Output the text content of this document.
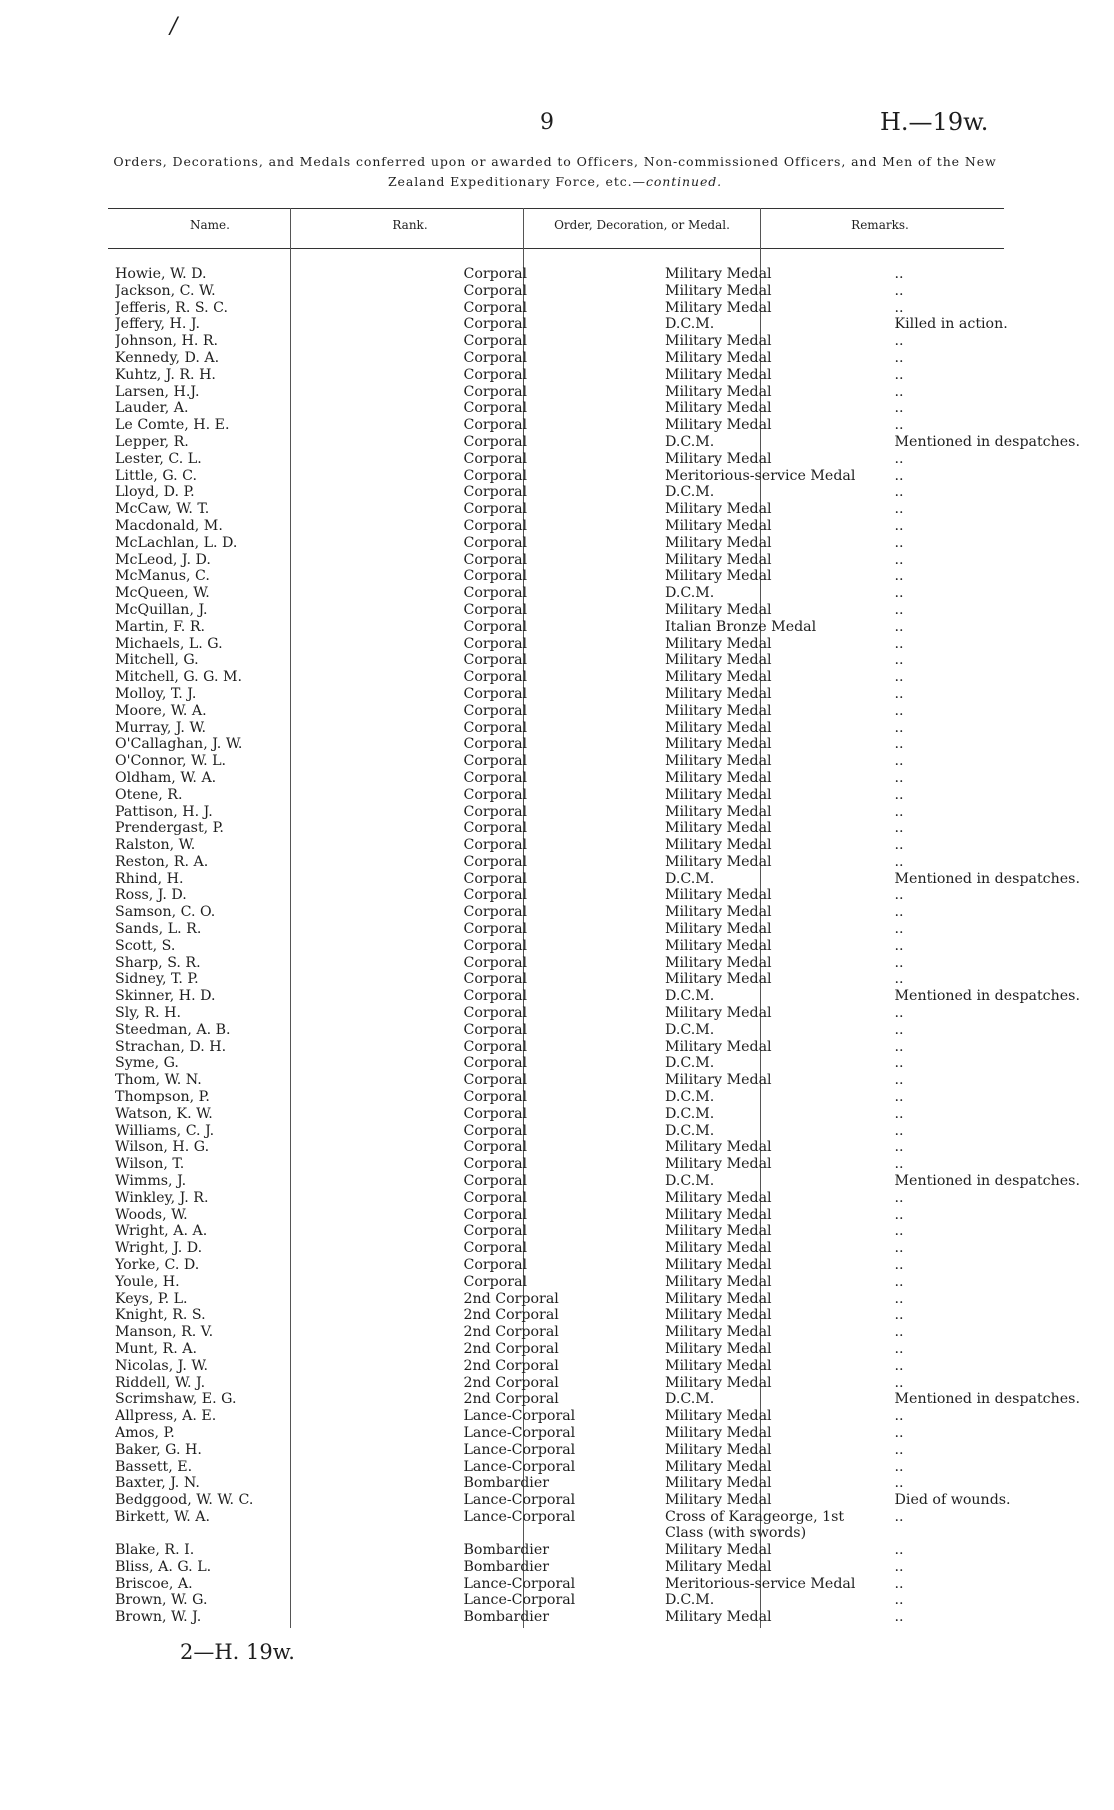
/
9	H.—19w.
Orders, Decorations, and Medals conferred upon or awarded to Officers, Non-commissioned Officers, and Men of the New Zealand Expeditionary Force, etc.—continued.
Name.	Rank.	Order, Decoration, or Medal.	Remarks.
Howie, W. D.	Corporal	Military Medal	..
Jackson, C. W.	Corporal	Military Medal	..
Jefferis, R. S. C.	Corporal	Military Medal	..
Jeffery, H. J.	Corporal	D.C.M.	Killed in action.
Johnson, H. R.	Corporal	Military Medal	..
Kennedy, D. A.	Corporal	Military Medal	..
Kuhtz, J. R. H.	Corporal	Military Medal	..
Larsen, H.J.	Corporal	Military Medal	..
Lauder, A.	Corporal	Military Medal	..
Le Comte, H. E.	Corporal	Military Medal	..
Lepper, R.	Corporal	D.C.M.	Mentioned in despatches.
Lester, C. L.	Corporal	Military Medal	..
Little, G. C.	Corporal	Meritorious-service Medal	..
Lloyd, D. P.	Corporal	D.C.M.	..
McCaw, W. T.	Corporal	Military Medal	..
Macdonald, M.	Corporal	Military Medal	..
McLachlan, L. D.	Corporal	Military Medal	..
McLeod, J. D.	Corporal	Military Medal	..
McManus, C.	Corporal	Military Medal	..
McQueen, W.	Corporal	D.C.M.	..
McQuillan, J.	Corporal	Military Medal	..
Martin, F. R.	Corporal	Italian Bronze Medal	..
Michaels, L. G.	Corporal	Military Medal	..
Mitchell, G.	Corporal	Military Medal	..
Mitchell, G. G. M.	Corporal	Military Medal	..
Molloy, T. J.	Corporal	Military Medal	..
Moore, W. A.	Corporal	Military Medal	..
Murray, J. W.	Corporal	Military Medal	..
O'Callaghan, J. W.	Corporal	Military Medal	..
O'Connor, W. L.	Corporal	Military Medal	..
Oldham, W. A.	Corporal	Military Medal	..
Otene, R.	Corporal	Military Medal	..
Pattison, H. J.	Corporal	Military Medal	..
Prendergast, P.	Corporal	Military Medal	..
Ralston, W.	Corporal	Military Medal	..
Reston, R. A.	Corporal	Military Medal	..
Rhind, H.	Corporal	D.C.M.	Mentioned in despatches.
Ross, J. D.	Corporal	Military Medal	..
Samson, C. O.	Corporal	Military Medal	..
Sands, L. R.	Corporal	Military Medal	..
Scott, S.	Corporal	Military Medal	..
Sharp, S. R.	Corporal	Military Medal	..
Sidney, T. P.	Corporal	Military Medal	..
Skinner, H. D.	Corporal	D.C.M.	Mentioned in despatches.
Sly, R. H.	Corporal	Military Medal	..
Steedman, A. B.	Corporal	D.C.M.	..
Strachan, D. H.	Corporal	Military Medal	..
Syme, G.	Corporal	D.C.M.	..
Thom, W. N.	Corporal	Military Medal	..
Thompson, P.	Corporal	D.C.M.	..
Watson, K. W.	Corporal	D.C.M.	..
Williams, C. J.	Corporal	D.C.M.	..
Wilson, H. G.	Corporal	Military Medal	..
Wilson, T.	Corporal	Military Medal	..
Wimms, J.	Corporal	D.C.M.	Mentioned in despatches.
Winkley, J. R.	Corporal	Military Medal	..
Woods, W.	Corporal	Military Medal	..
Wright, A. A.	Corporal	Military Medal	..
Wright, J. D.	Corporal	Military Medal	..
Yorke, C. D.	Corporal	Military Medal	..
Youle, H.	Corporal	Military Medal	..
Keys, P. L.	2nd Corporal	Military Medal	..
Knight, R. S.	2nd Corporal	Military Medal	..
Manson, R. V.	2nd Corporal	Military Medal	..
Munt, R. A.	2nd Corporal	Military Medal	..
Nicolas, J. W.	2nd Corporal	Military Medal	..
Riddell, W. J.	2nd Corporal	Military Medal	..
Scrimshaw, E. G.	2nd Corporal	D.C.M.	Mentioned in despatches.
Allpress, A. E.	Lance-Corporal	Military Medal	..
Amos, P.	Lance-Corporal	Military Medal	..
Baker, G. H.	Lance-Corporal	Military Medal	..
Bassett, E.	Lance-Corporal	Military Medal	..
Baxter, J. N.	Bombardier	Military Medal	..
Bedggood, W. W. C.	Lance-Corporal	Military Medal	Died of wounds.
Birkett, W. A.	Lance-Corporal	Cross of Karageorge, 1st Class (with swords)	..
Blake, R. I.	Bombardier	Military Medal	..
Bliss, A. G. L.	Bombardier	Military Medal	..
Briscoe, A.	Lance-Corporal	Meritorious-service Medal	..
Brown, W. G.	Lance-Corporal	D.C.M.	..
Brown, W. J.	Bombardier	Military Medal	..
2—H. 19w.
